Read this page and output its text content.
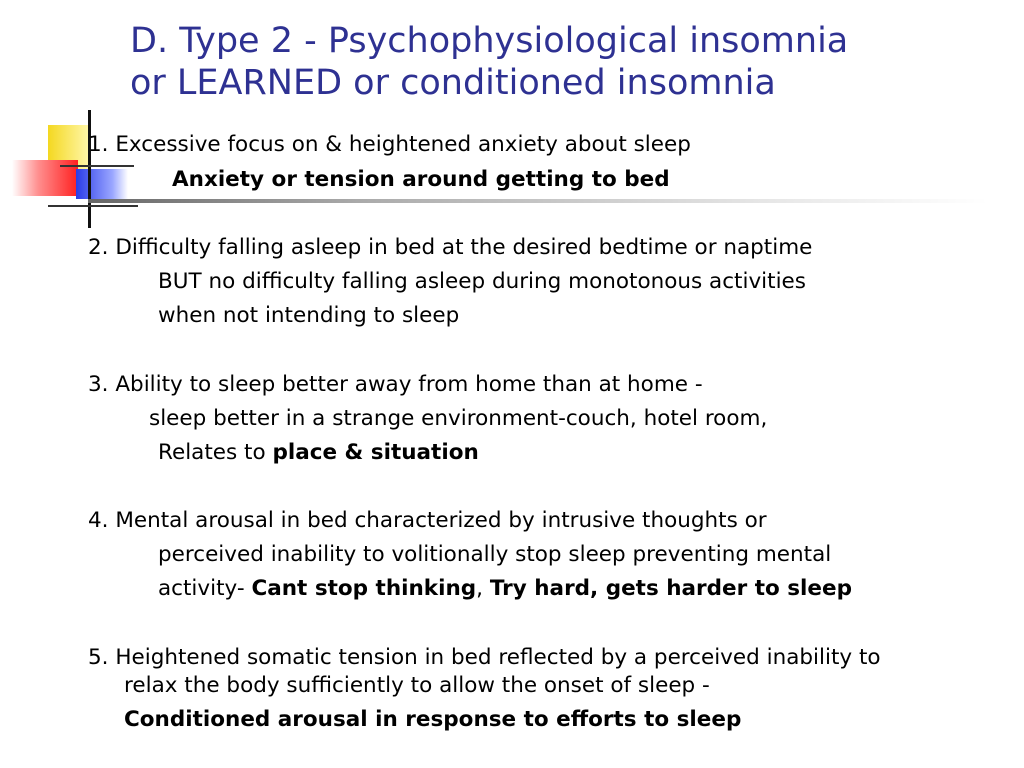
D. Type 2 - Psychophysiological insomnia
or LEARNED or conditioned insomnia
1. Excessive focus on & heightened anxiety about sleep
Anxiety or tension around getting to bed
2. Difficulty falling asleep in bed at the desired bedtime or naptime
BUT no difficulty falling asleep during monotonous activities
when not intending to sleep
3. Ability to sleep better away from home than at home -
sleep better in a strange environment-couch, hotel room,
Relates to place & situation
4. Mental arousal in bed characterized by intrusive thoughts or
perceived inability to volitionally stop sleep preventing mental
activity- Cant stop thinking, Try hard, gets harder to sleep
5. Heightened somatic tension in bed reflected by a perceived inability to
relax the body sufficiently to allow the onset of sleep -
Conditioned arousal in response to efforts to sleep
